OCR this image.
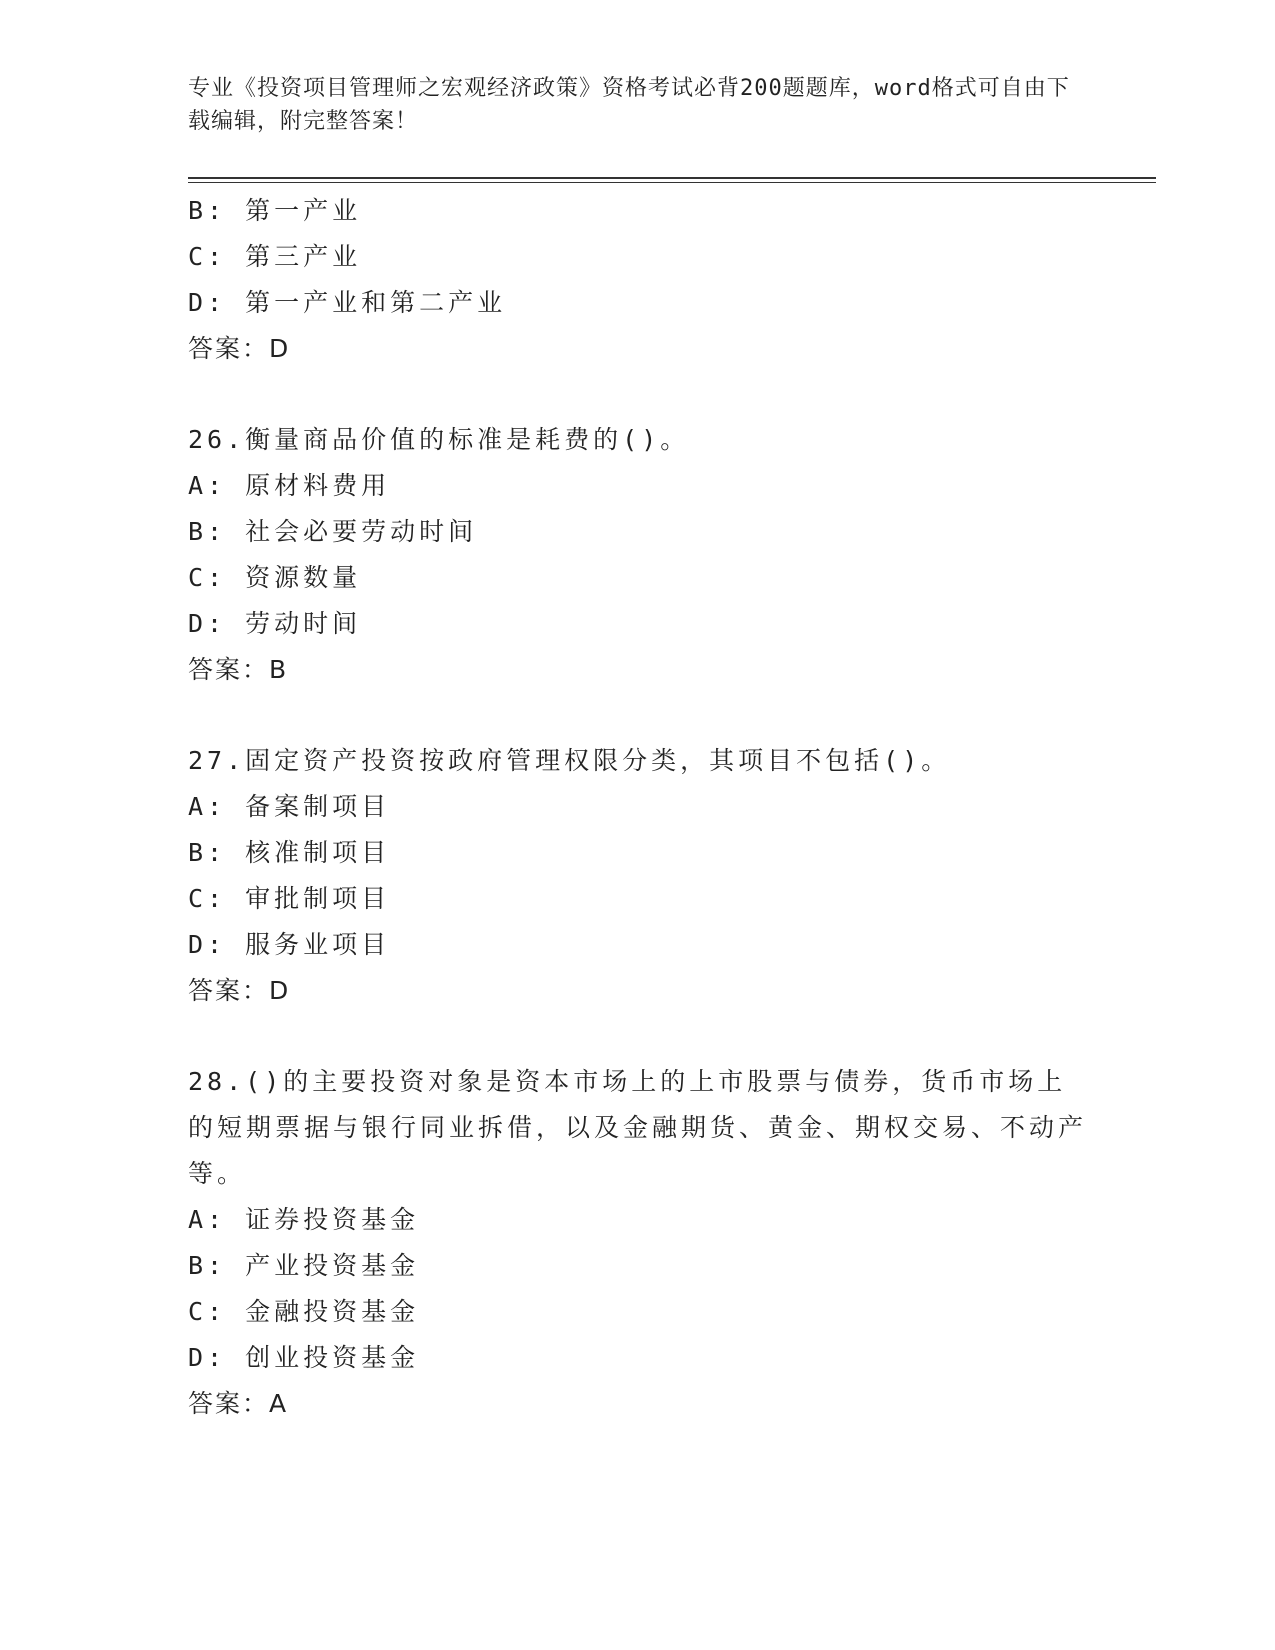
专业《投资项目管理师之宏观经济政策》资格考试必背200题题库，word格式可自由下载编辑，附完整答案！
B: 第一产业
C: 第三产业
D: 第一产业和第二产业
答案：D
26.衡量商品价值的标准是耗费的()。
A: 原材料费用
B: 社会必要劳动时间
C: 资源数量
D: 劳动时间
答案：B
27.固定资产投资按政府管理权限分类，其项目不包括()。
A: 备案制项目
B: 核准制项目
C: 审批制项目
D: 服务业项目
答案：D
28.()的主要投资对象是资本市场上的上市股票与债券，货币市场上的短期票据与银行同业拆借，以及金融期货、黄金、期权交易、不动产等。
A: 证券投资基金
B: 产业投资基金
C: 金融投资基金
D: 创业投资基金
答案：A
